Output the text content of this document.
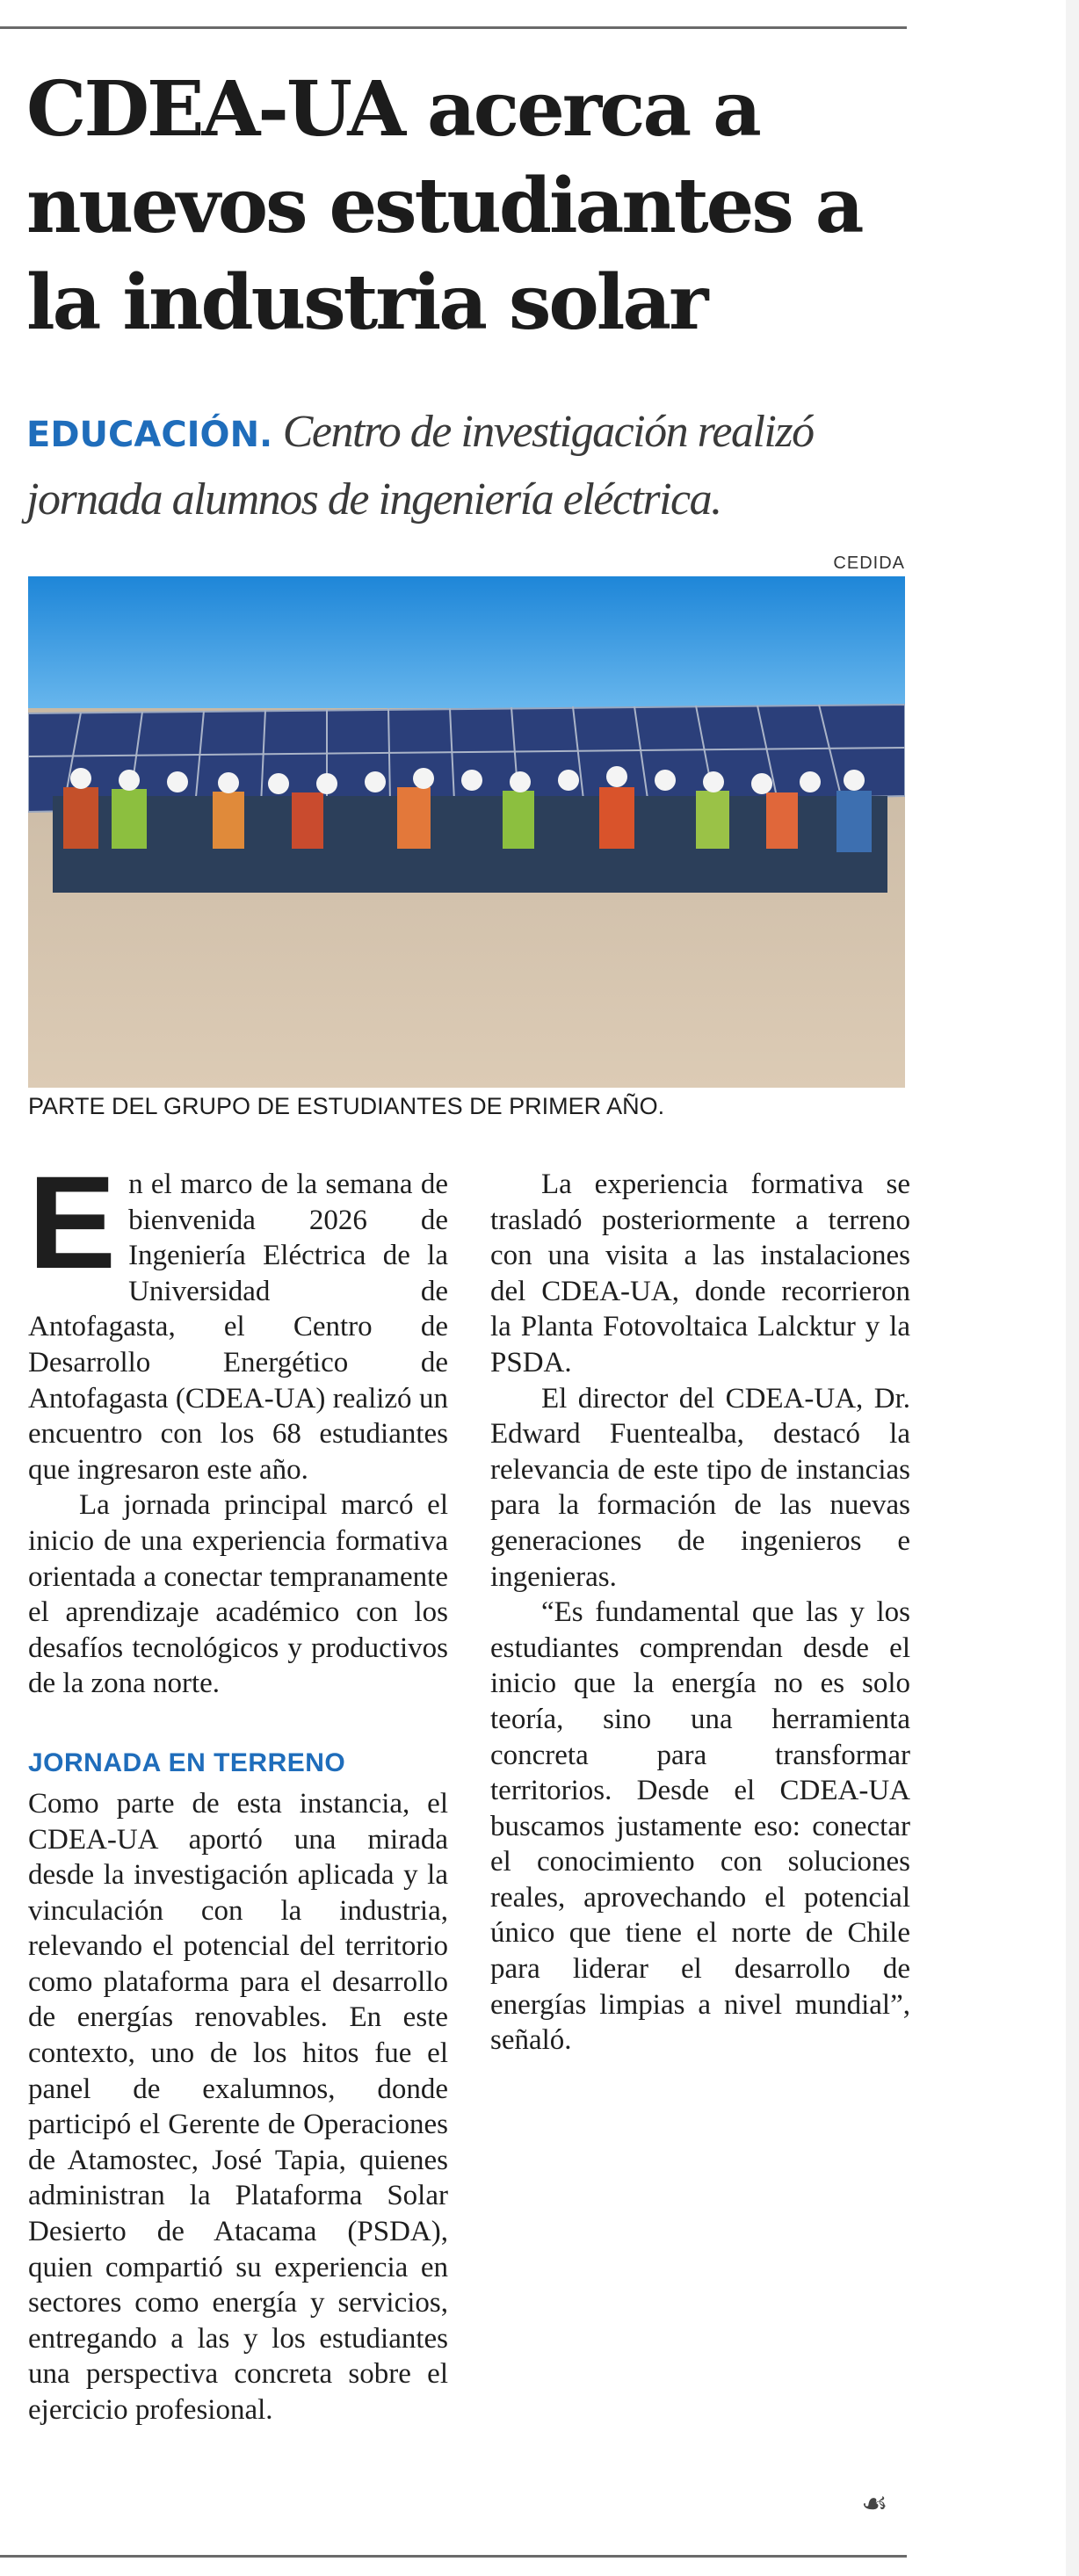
CDEA-UA acerca a nuevos estudiantes a la industria solar

EDUCACIÓN. Centro de investigación realizó jornada alumnos de ingeniería eléctrica.

CEDIDA
PARTE DEL GRUPO DE ESTUDIANTES DE PRIMER AÑO.

En el marco de la semana de bienvenida 2026 de Ingeniería Eléctrica de la Universidad de Antofagasta, el Centro de Desarrollo Energético de Antofagasta (CDEA-UA) realizó un encuentro con los 68 estudiantes que ingresaron este año.

La jornada principal marcó el inicio de una experiencia formativa orientada a conectar tempranamente el aprendizaje académico con los desafíos tecnológicos y productivos de la zona norte.

JORNADA EN TERRENO

Como parte de esta instancia, el CDEA-UA aportó una mirada desde la investigación aplicada y la vinculación con la industria, relevando el potencial del territorio como plataforma para el desarrollo de energías renovables. En este contexto, uno de los hitos fue el panel de exalumnos, donde participó el Gerente de Operaciones de Atamostec, José Tapia, quienes administran la Plataforma Solar Desierto de Atacama (PSDA), quien compartió su experiencia en sectores como energía y servicios, entregando a las y los estudiantes una perspectiva concreta sobre el ejercicio profesional.

La experiencia formativa se trasladó posteriormente a terreno con una visita a las instalaciones del CDEA-UA, donde recorrieron la Planta Fotovoltaica Lalcktur y la PSDA.

El director del CDEA-UA, Dr. Edward Fuentealba, destacó la relevancia de este tipo de instancias para la formación de las nuevas generaciones de ingenieros e ingenieras.

“Es fundamental que las y los estudiantes comprendan desde el inicio que la energía no es solo teoría, sino una herramienta concreta para transformar territorios. Desde el CDEA-UA buscamos justamente eso: conectar el conocimiento con soluciones reales, aprovechando el potencial único que tiene el norte de Chile para liderar el desarrollo de energías limpias a nivel mundial”, señaló.

☙
